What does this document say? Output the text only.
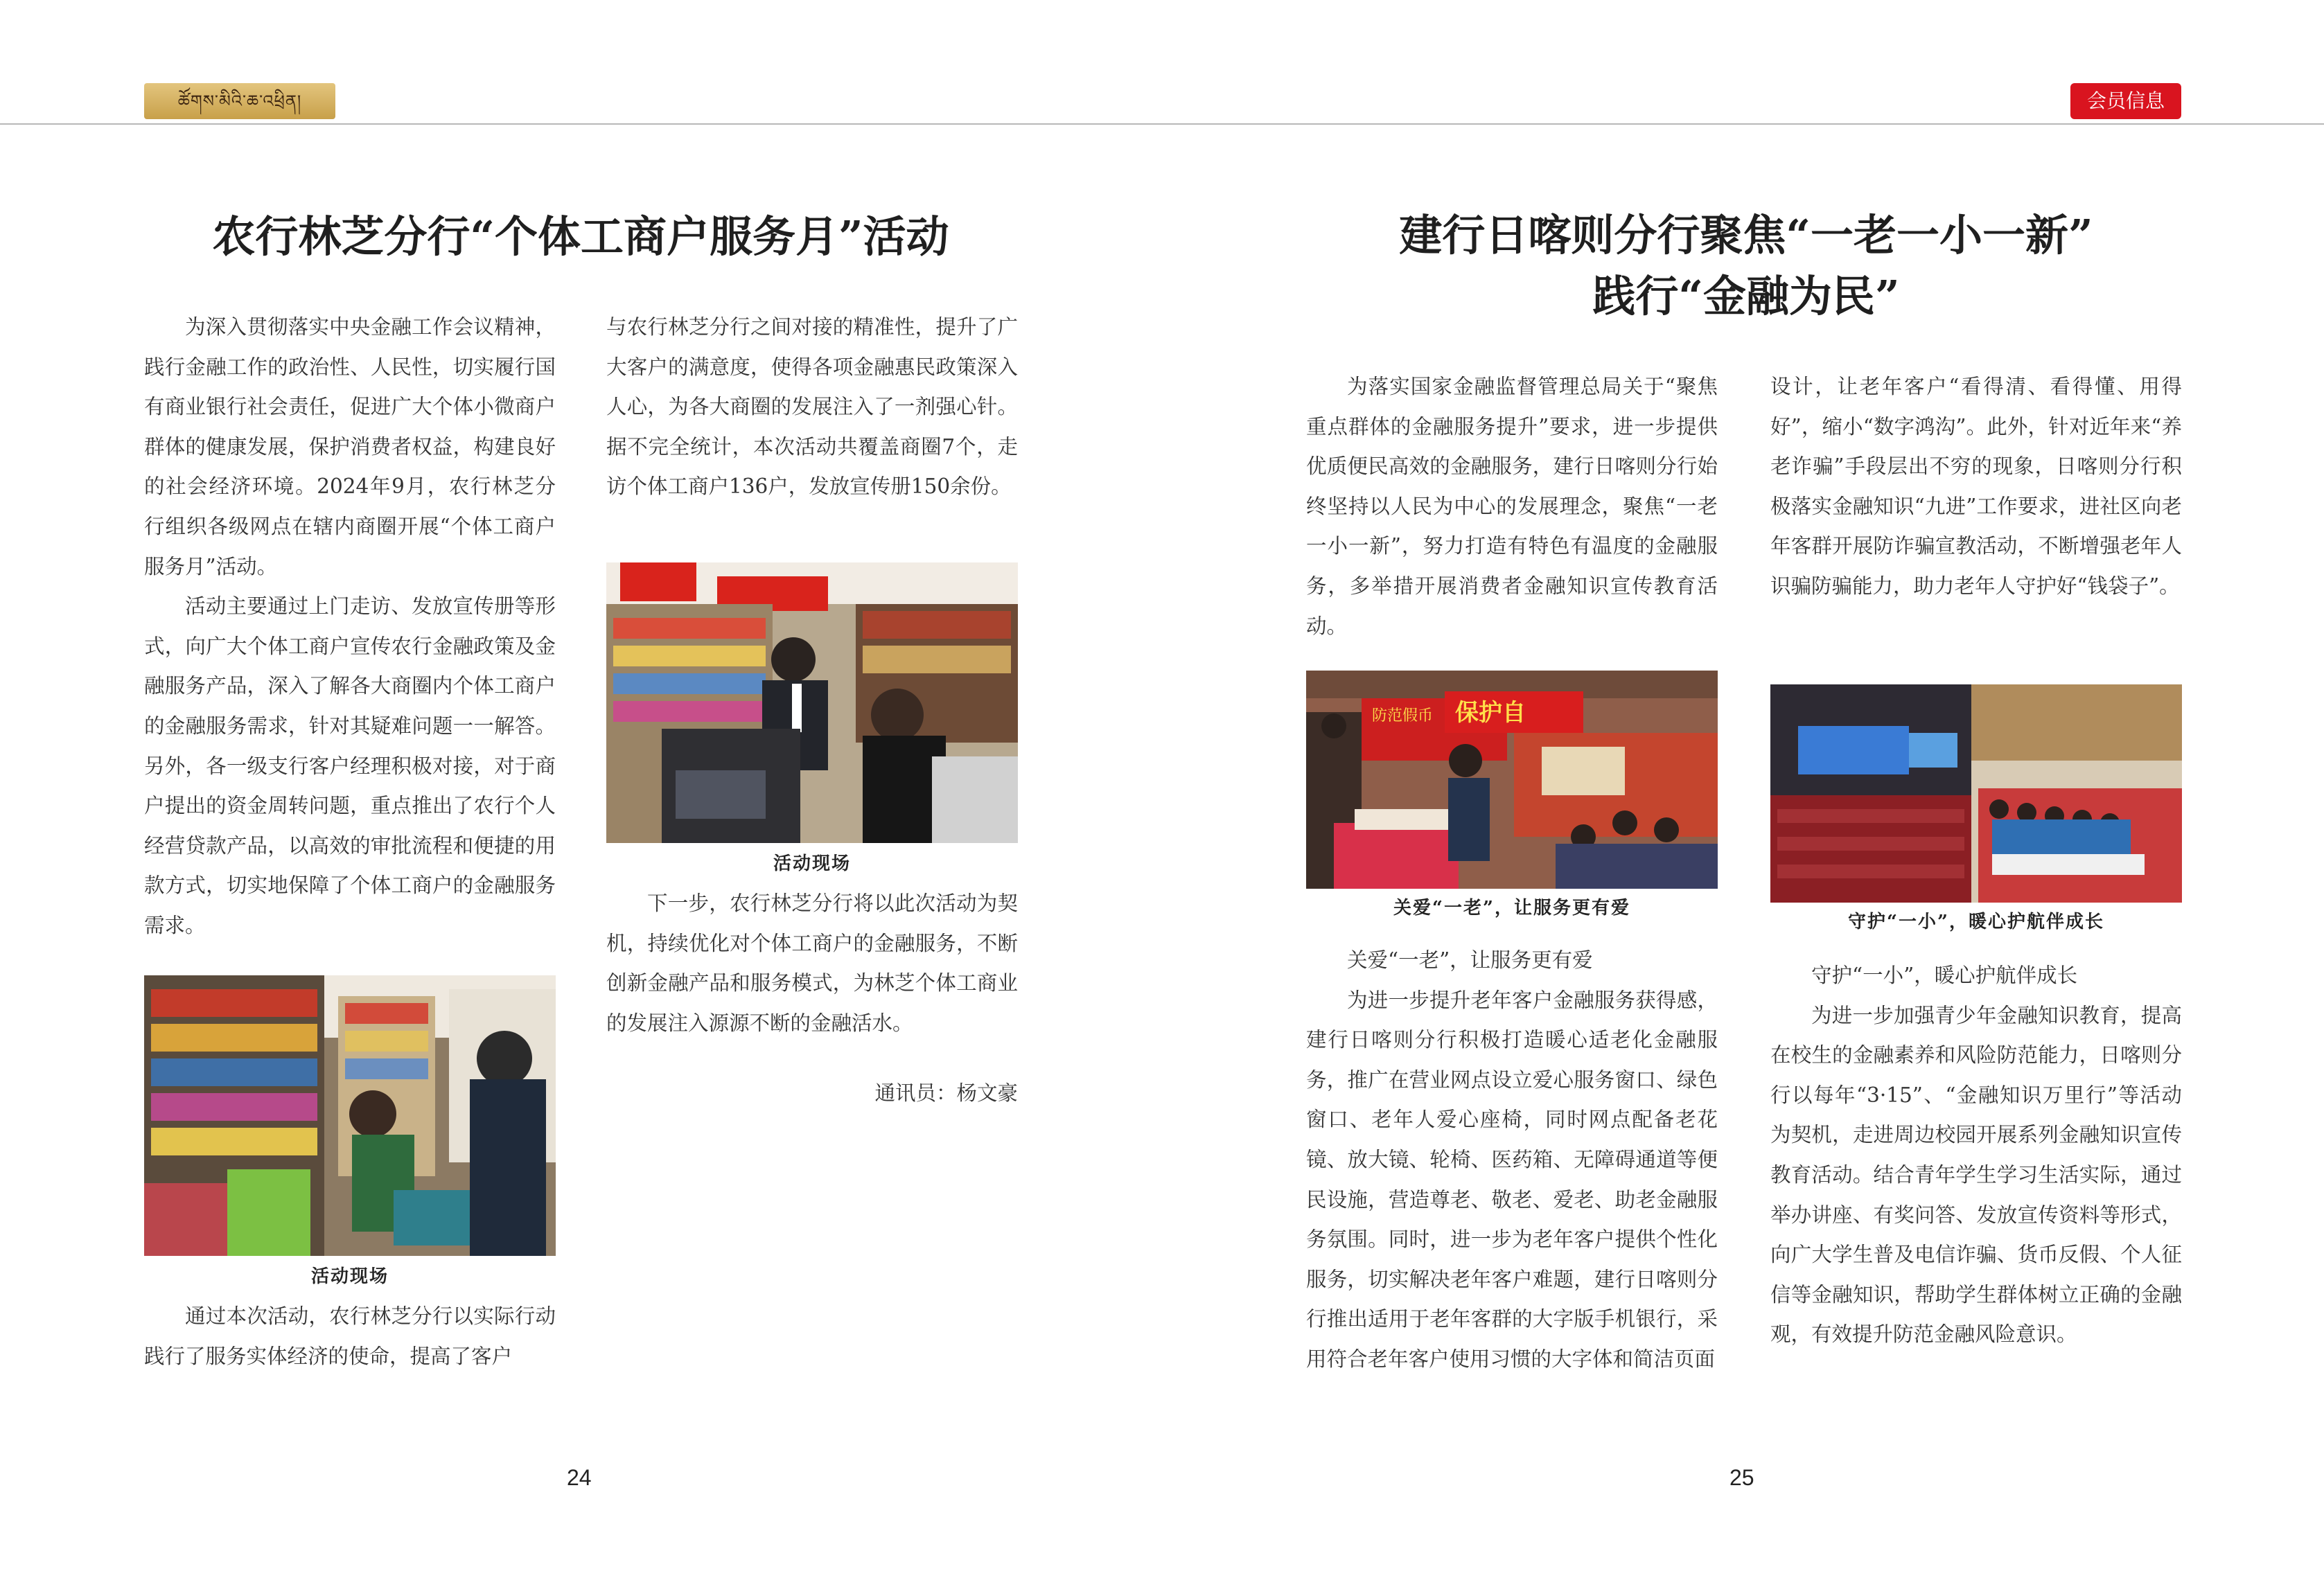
ཚོགས་མིའི་ཆ་འཕྲིན།	会员信息
农行林芝分行“个体工商户服务月”活动

为深入贯彻落实中央金融工作会议精神，践行金融工作的政治性、人民性，切实履行国有商业银行社会责任，促进广大个体小微商户群体的健康发展，保护消费者权益，构建良好的社会经济环境。2024年9月，农行林芝分行组织各级网点在辖内商圈开展“个体工商户服务月”活动。

活动主要通过上门走访、发放宣传册等形式，向广大个体工商户宣传农行金融政策及金融服务产品，深入了解各大商圈内个体工商户的金融服务需求，针对其疑难问题一一解答。另外，各一级支行客户经理积极对接，对于商户提出的资金周转问题，重点推出了农行个人经营贷款产品，以高效的审批流程和便捷的用款方式，切实地保障了个体工商户的金融服务需求。

活动现场

通过本次活动，农行林芝分行以实际行动践行了服务实体经济的使命，提高了客户

与农行林芝分行之间对接的精准性，提升了广大客户的满意度，使得各项金融惠民政策深入人心，为各大商圈的发展注入了一剂强心针。据不完全统计，本次活动共覆盖商圈7个，走访个体工商户136户，发放宣传册150余份。

活动现场

下一步，农行林芝分行将以此次活动为契机，持续优化对个体工商户的金融服务，不断创新金融产品和服务模式，为林芝个体工商业的发展注入源源不断的金融活水。

通讯员：杨文豪

24
建行日喀则分行聚焦“一老一小一新”
践行“金融为民”

为落实国家金融监督管理总局关于“聚焦重点群体的金融服务提升”要求，进一步提供优质便民高效的金融服务，建行日喀则分行始终坚持以人民为中心的发展理念，聚焦“一老一小一新”，努力打造有特色有温度的金融服务，多举措开展消费者金融知识宣传教育活动。

防范假币 保护自
关爱“一老”，让服务更有爱

关爱“一老”，让服务更有爱

为进一步提升老年客户金融服务获得感，建行日喀则分行积极打造暖心适老化金融服务，推广在营业网点设立爱心服务窗口、绿色窗口、老年人爱心座椅，同时网点配备老花镜、放大镜、轮椅、医药箱、无障碍通道等便民设施，营造尊老、敬老、爱老、助老金融服务氛围。同时，进一步为老年客户提供个性化服务，切实解决老年客户难题，建行日喀则分行推出适用于老年客群的大字版手机银行，采用符合老年客户使用习惯的大字体和简洁页面

设计，让老年客户“看得清、看得懂、用得好”，缩小“数字鸿沟”。此外，针对近年来“养老诈骗”手段层出不穷的现象，日喀则分行积极落实金融知识“九进”工作要求，进社区向老年客群开展防诈骗宣教活动，不断增强老年人识骗防骗能力，助力老年人守护好“钱袋子”。

守护“一小”，暖心护航伴成长

守护“一小”，暖心护航伴成长

为进一步加强青少年金融知识教育，提高在校生的金融素养和风险防范能力，日喀则分行以每年“3·15”、“金融知识万里行”等活动为契机，走进周边校园开展系列金融知识宣传教育活动。结合青年学生学习生活实际，通过举办讲座、有奖问答、发放宣传资料等形式，向广大学生普及电信诈骗、货币反假、个人征信等金融知识，帮助学生群体树立正确的金融观，有效提升防范金融风险意识。

25
